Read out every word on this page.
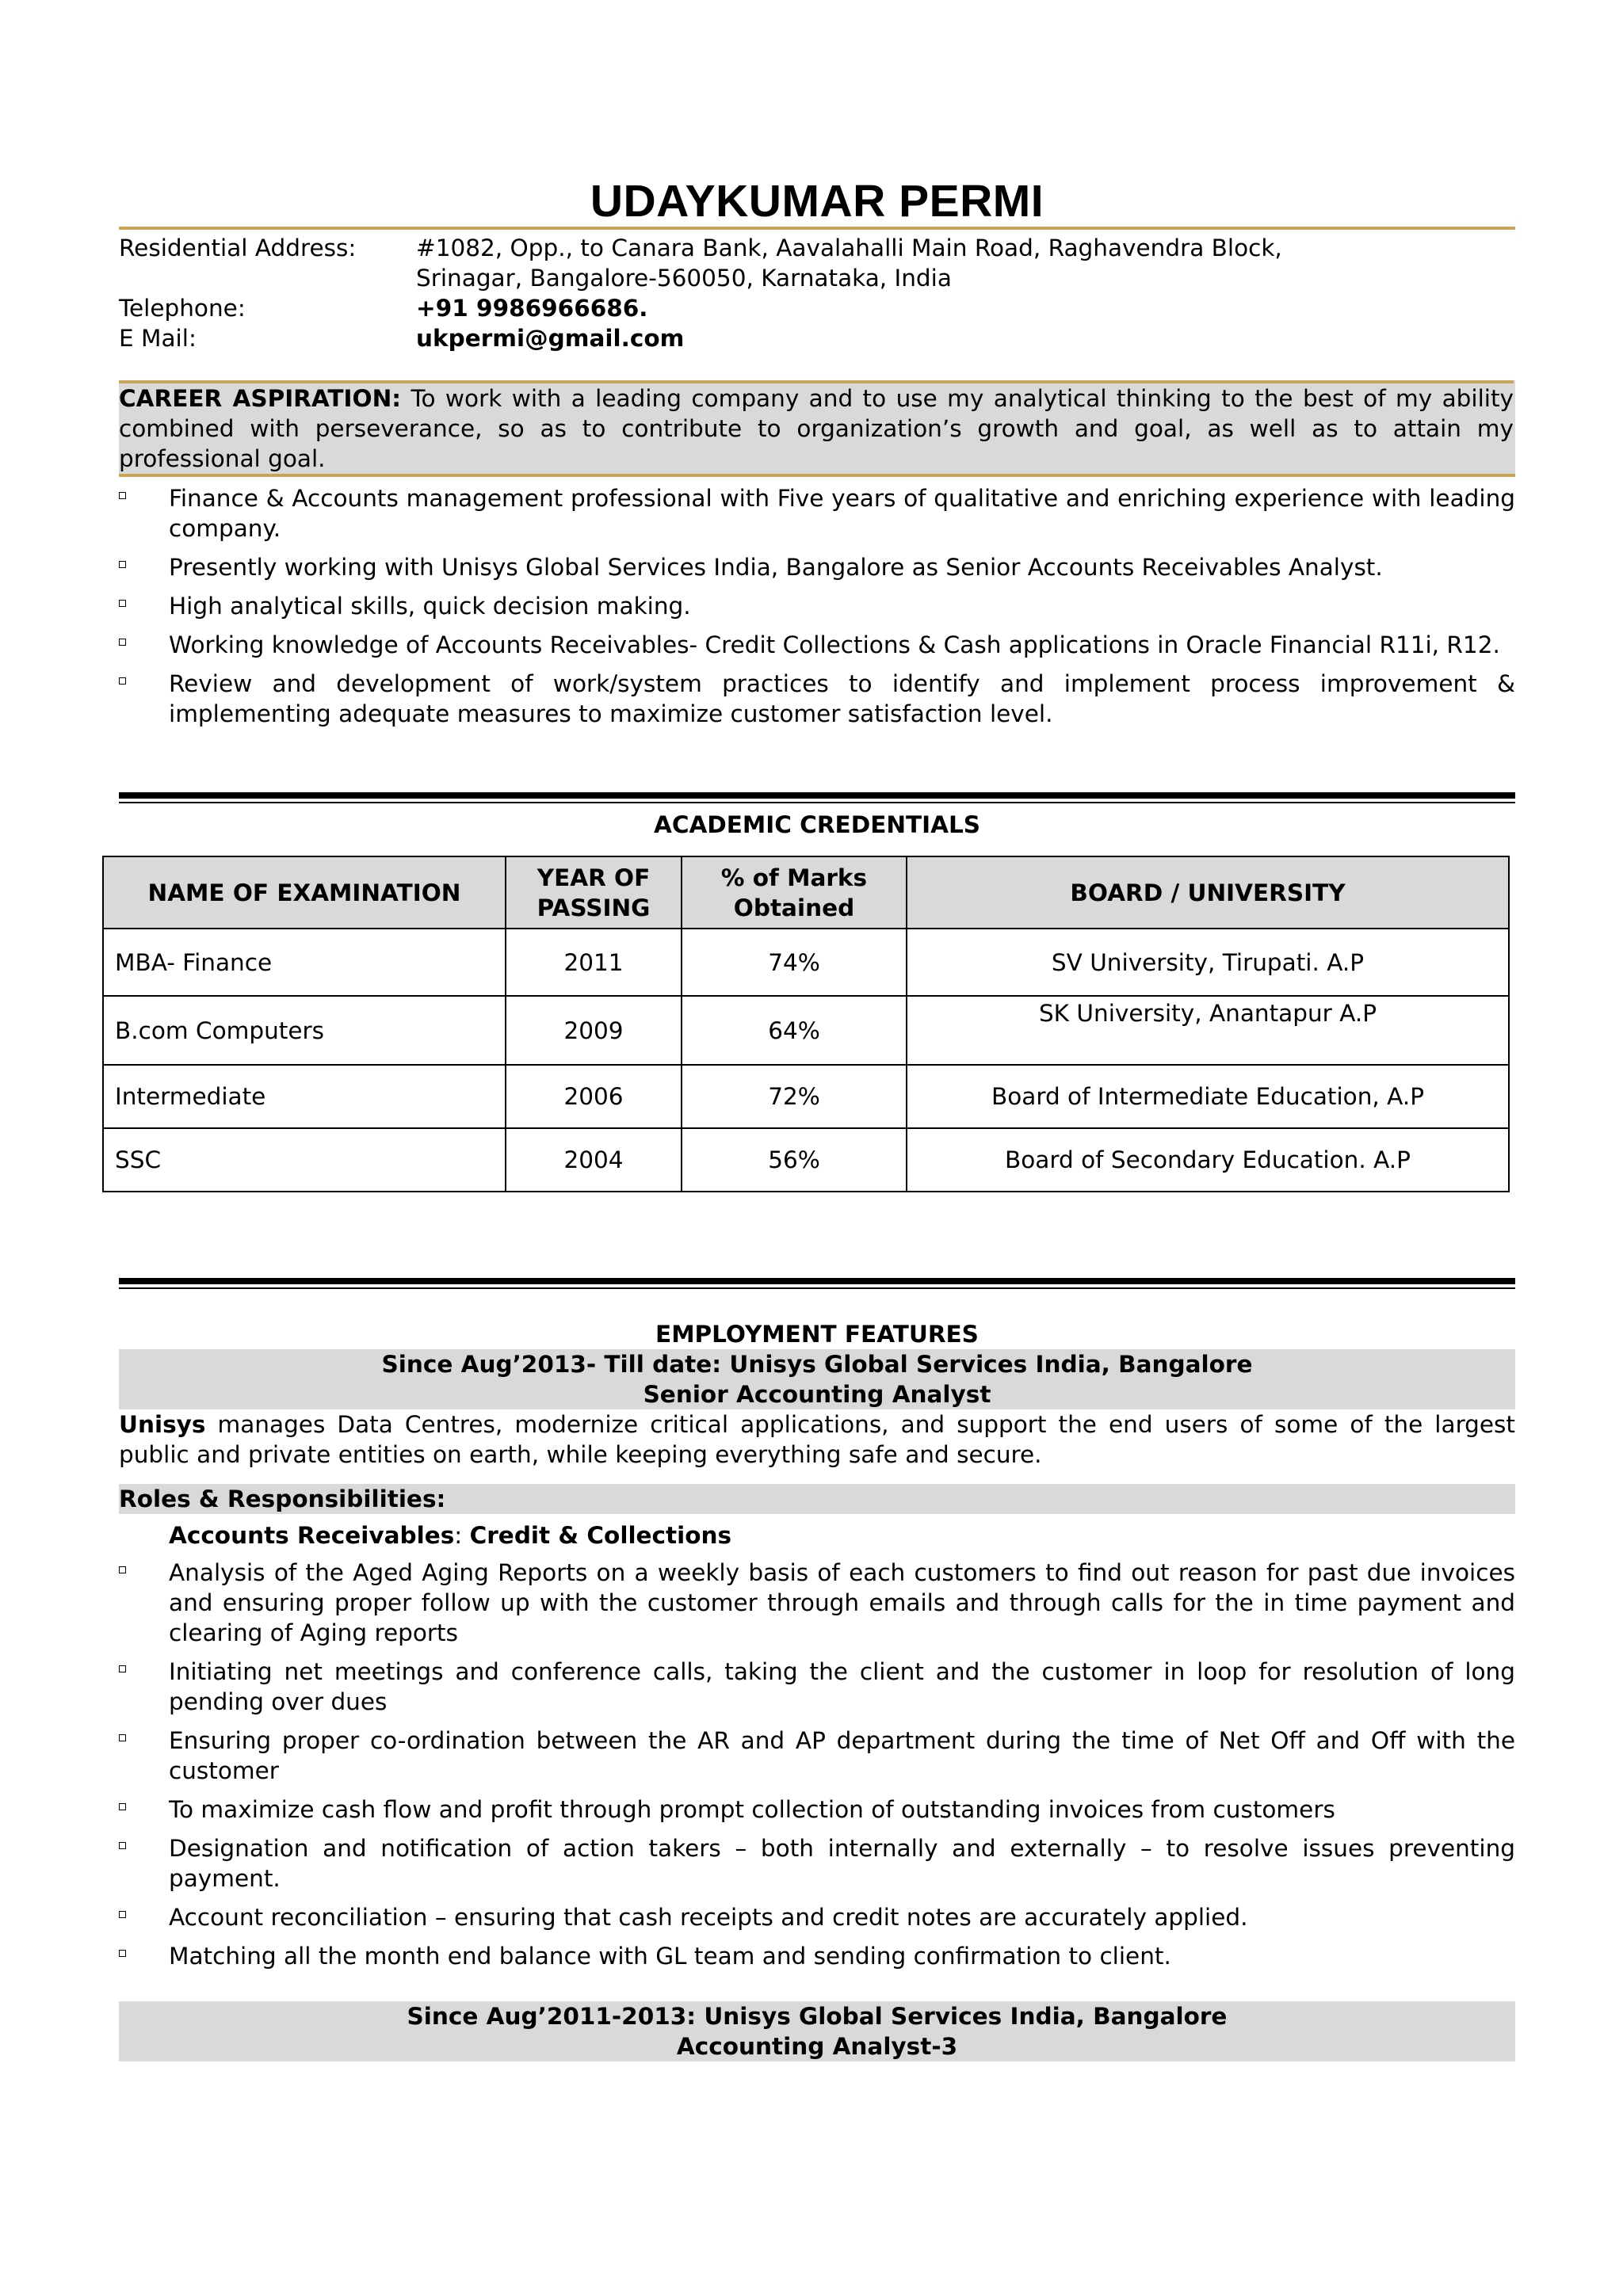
UDAYKUMAR PERMI
Residential Address:	#1082, Opp., to Canara Bank, Aavalahalli Main Road, Raghavendra Block,
Srinagar, Bangalore-560050, Karnataka, India
Telephone:	+91 9986966686.
E Mail:	ukpermi@gmail.com
CAREER ASPIRATION: To work with a leading company and to use my analytical thinking to the best of my ability combined with perseverance, so as to contribute to organization’s growth and goal, as well as to attain my professional goal.
Finance & Accounts management professional with Five years of qualitative and enriching experience with leading company.
Presently working with Unisys Global Services India, Bangalore as Senior Accounts Receivables Analyst.
High analytical skills, quick decision making.
Working knowledge of Accounts Receivables- Credit Collections & Cash applications in Oracle Financial R11i, R12.
Review and development of work/system practices to identify and implement process improvement & implementing adequate measures to maximize customer satisfaction level.
ACADEMIC CREDENTIALS
NAME OF EXAMINATION	YEAR OF PASSING	% of Marks Obtained	BOARD / UNIVERSITY
MBA- Finance	2011	74%	SV University, Tirupati. A.P
B.com Computers	2009	64%	SK University, Anantapur A.P
Intermediate	2006	72%	Board of Intermediate Education, A.P
SSC	2004	56%	Board of Secondary Education. A.P
EMPLOYMENT FEATURES
Since Aug’2013- Till date: Unisys Global Services India, Bangalore
Senior Accounting Analyst
Unisys manages Data Centres, modernize critical applications, and support the end users of some of the largest public and private entities on earth, while keeping everything safe and secure.
Roles & Responsibilities:
Accounts Receivables: Credit & Collections
Analysis of the Aged Aging Reports on a weekly basis of each customers to find out reason for past due invoices and ensuring proper follow up with the customer through emails and through calls for the in time payment and clearing of Aging reports
Initiating net meetings and conference calls, taking the client and the customer in loop for resolution of long pending over dues
Ensuring proper co-ordination between the AR and AP department during the time of Net Off and Off with the customer
To maximize cash flow and profit through prompt collection of outstanding invoices from customers
Designation and notification of action takers – both internally and externally – to resolve issues preventing payment.
Account reconciliation – ensuring that cash receipts and credit notes are accurately applied.
Matching all the month end balance with GL team and sending confirmation to client.
Since Aug’2011-2013: Unisys Global Services India, Bangalore
Accounting Analyst-3
